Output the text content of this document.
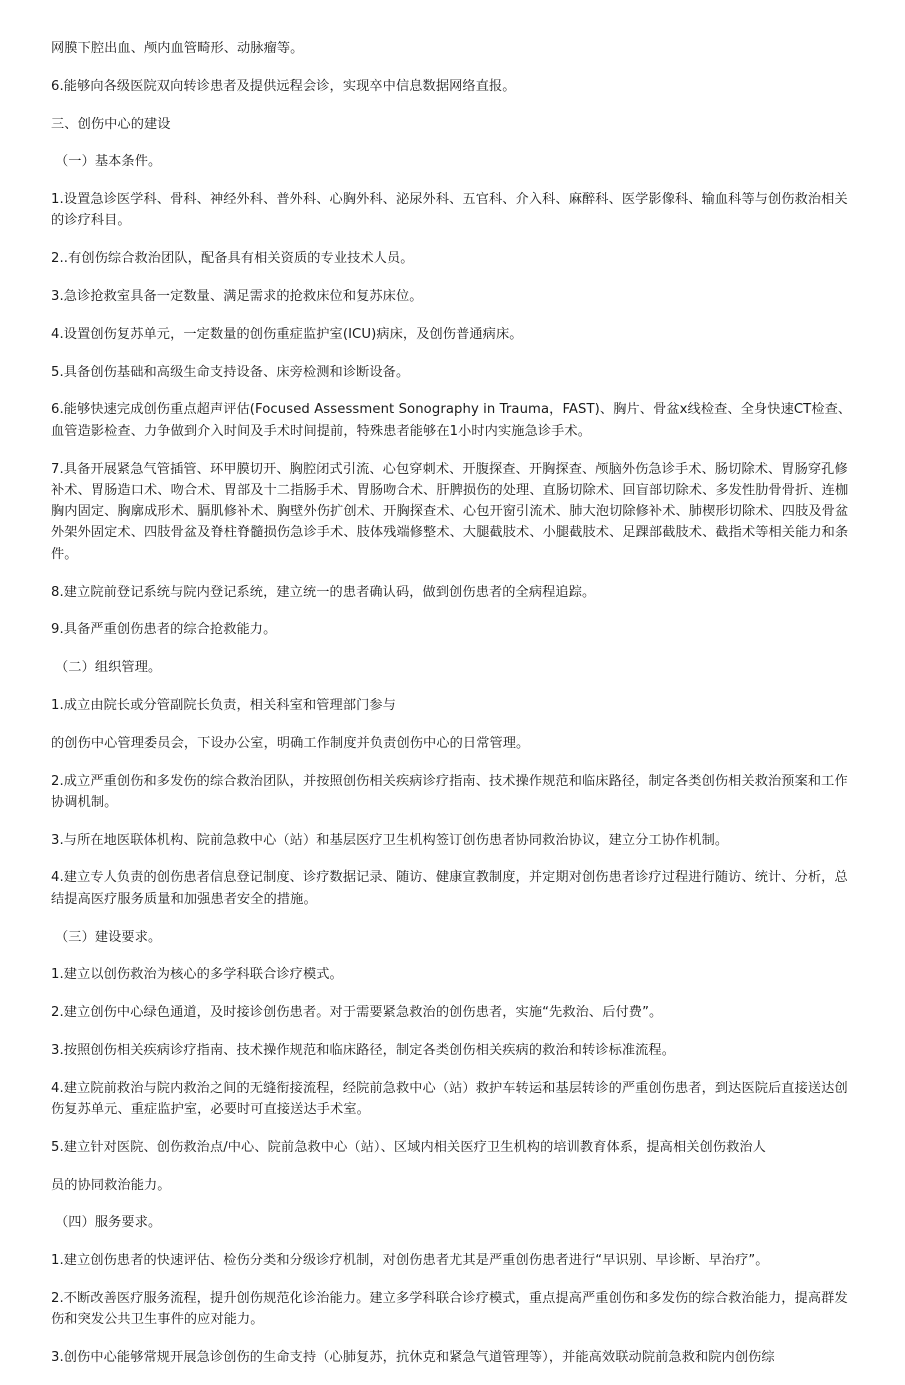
网膜下腔出血、颅内血管畸形、动脉瘤等。

6.能够向各级医院双向转诊患者及提供远程会诊，实现卒中信息数据网络直报。

三、创伤中心的建设

（一）基本条件。

1.设置急诊医学科、骨科、神经外科、普外科、心胸外科、泌尿外科、五官科、介入科、麻醉科、医学影像科、输血科等与创伤救治相关的诊疗科目。

2..有创伤综合救治团队，配备具有相关资质的专业技术人员。

3.急诊抢救室具备一定数量、满足需求的抢救床位和复苏床位。

4.设置创伤复苏单元，一定数量的创伤重症监护室(ICU)病床，及创伤普通病床。

5.具备创伤基础和高级生命支持设备、床旁检测和诊断设备。

6.能够快速完成创伤重点超声评估(Focused Assessment Sonography in Trauma，FAST)、胸片、骨盆x线检查、全身快速CT检查、血管造影检查、力争做到介入时间及手术时间提前，特殊患者能够在1小时内实施急诊手术。

7.具备开展紧急气管插管、环甲膜切开、胸腔闭式引流、心包穿刺术、开腹探查、开胸探查、颅脑外伤急诊手术、肠切除术、胃肠穿孔修补术、胃肠造口术、吻合术、胃部及十二指肠手术、胃肠吻合术、肝脾损伤的处理、直肠切除术、回盲部切除术、多发性肋骨骨折、连枷胸内固定、胸廓成形术、膈肌修补术、胸壁外伤扩创术、开胸探查术、心包开窗引流术、肺大泡切除修补术、肺楔形切除术、四肢及骨盆外架外固定术、四肢骨盆及脊柱脊髓损伤急诊手术、肢体残端修整术、大腿截肢术、小腿截肢术、足踝部截肢术、截指术等相关能力和条件。

8.建立院前登记系统与院内登记系统，建立统一的患者确认码，做到创伤患者的全病程追踪。

9.具备严重创伤患者的综合抢救能力。

（二）组织管理。

1.成立由院长或分管副院长负责，相关科室和管理部门参与

的创伤中心管理委员会，下设办公室，明确工作制度并负责创伤中心的日常管理。

2.成立严重创伤和多发伤的综合救治团队，并按照创伤相关疾病诊疗指南、技术操作规范和临床路径，制定各类创伤相关救治预案和工作协调机制。

3.与所在地医联体机构、院前急救中心（站）和基层医疗卫生机构签订创伤患者协同救治协议，建立分工协作机制。

4.建立专人负责的创伤患者信息登记制度、诊疗数据记录、随访、健康宣教制度，并定期对创伤患者诊疗过程进行随访、统计、分析，总结提高医疗服务质量和加强患者安全的措施。

（三）建设要求。

1.建立以创伤救治为核心的多学科联合诊疗模式。

2.建立创伤中心绿色通道，及时接诊创伤患者。对于需要紧急救治的创伤患者，实施“先救治、后付费”。

3.按照创伤相关疾病诊疗指南、技术操作规范和临床路径，制定各类创伤相关疾病的救治和转诊标准流程。

4.建立院前救治与院内救治之间的无缝衔接流程，经院前急救中心（站）救护车转运和基层转诊的严重创伤患者，到达医院后直接送达创伤复苏单元、重症监护室，必要时可直接送达手术室。

5.建立针对医院、创伤救治点/中心、院前急救中心（站）、区域内相关医疗卫生机构的培训教育体系，提高相关创伤救治人

员的协同救治能力。

（四）服务要求。

1.建立创伤患者的快速评估、检伤分类和分级诊疗机制，对创伤患者尤其是严重创伤患者进行“早识别、早诊断、早治疗”。

2.不断改善医疗服务流程，提升创伤规范化诊治能力。建立多学科联合诊疗模式，重点提高严重创伤和多发伤的综合救治能力，提高群发伤和突发公共卫生事件的应对能力。

3.创伤中心能够常规开展急诊创伤的生命支持（心肺复苏，抗休克和紧急气道管理等），并能高效联动院前急救和院内创伤综
